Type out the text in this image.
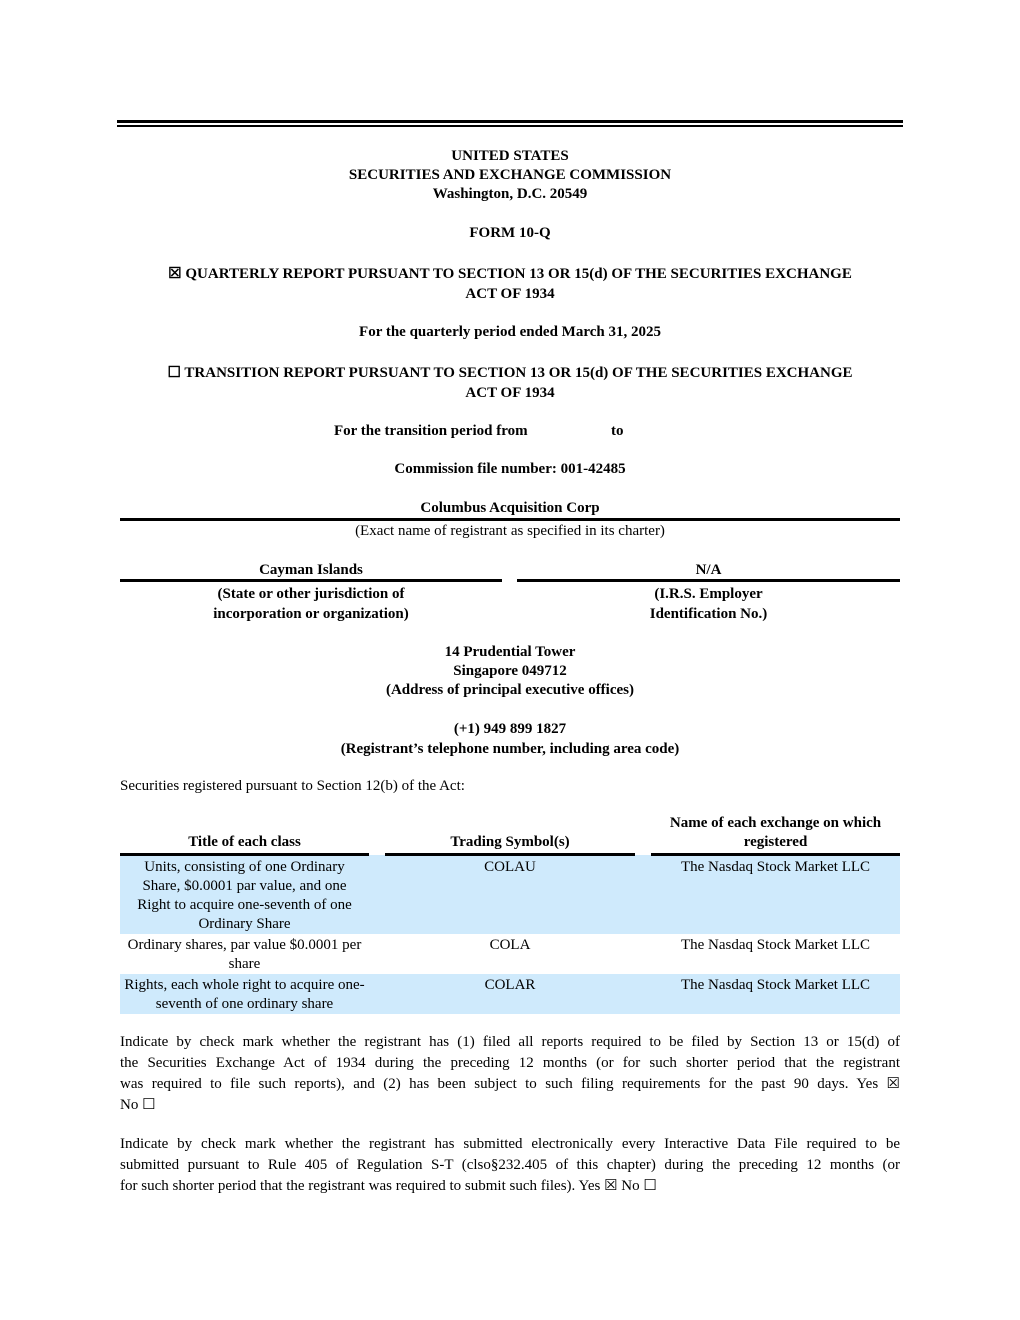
UNITED STATES
SECURITIES AND EXCHANGE COMMISSION
Washington, D.C. 20549
FORM 10-Q
☒ QUARTERLY REPORT PURSUANT TO SECTION 13 OR 15(d) OF THE SECURITIES EXCHANGE
ACT OF 1934
For the quarterly period ended March 31, 2025
☐ TRANSITION REPORT PURSUANT TO SECTION 13 OR 15(d) OF THE SECURITIES EXCHANGE
ACT OF 1934
For the transition period from	to
Commission file number: 001-42485
Columbus Acquisition Corp
(Exact name of registrant as specified in its charter)
Cayman Islands
(State or other jurisdiction of
incorporation or organization)
N/A
(I.R.S. Employer
Identification No.)
14 Prudential Tower
Singapore 049712
(Address of principal executive offices)
(+1) 949 899 1827
(Registrant’s telephone number, including area code)
Securities registered pursuant to Section 12(b) of the Act:
Title of each class		Trading Symbol(s)		Name of each exchange on which registered
Units, consisting of one Ordinary Share, $0.0001 par value, and one Right to acquire one-seventh of one Ordinary Share		COLAU		The Nasdaq Stock Market LLC
Ordinary shares, par value $0.0001 per share		COLA		The Nasdaq Stock Market LLC
Rights, each whole right to acquire one-seventh of one ordinary share		COLAR		The Nasdaq Stock Market LLC
Indicate by check mark whether the registrant has (1) filed all reports required to be filed by Section 13 or 15(d) of
the Securities Exchange Act of 1934 during the preceding 12 months (or for such shorter period that the registrant
was required to file such reports), and (2) has been subject to such filing requirements for the past 90 days. Yes ☒
No ☐
Indicate by check mark whether the registrant has submitted electronically every Interactive Data File required to be
submitted pursuant to Rule 405 of Regulation S-T (clso§232.405 of this chapter) during the preceding 12 months (or
for such shorter period that the registrant was required to submit such files). Yes ☒ No ☐
